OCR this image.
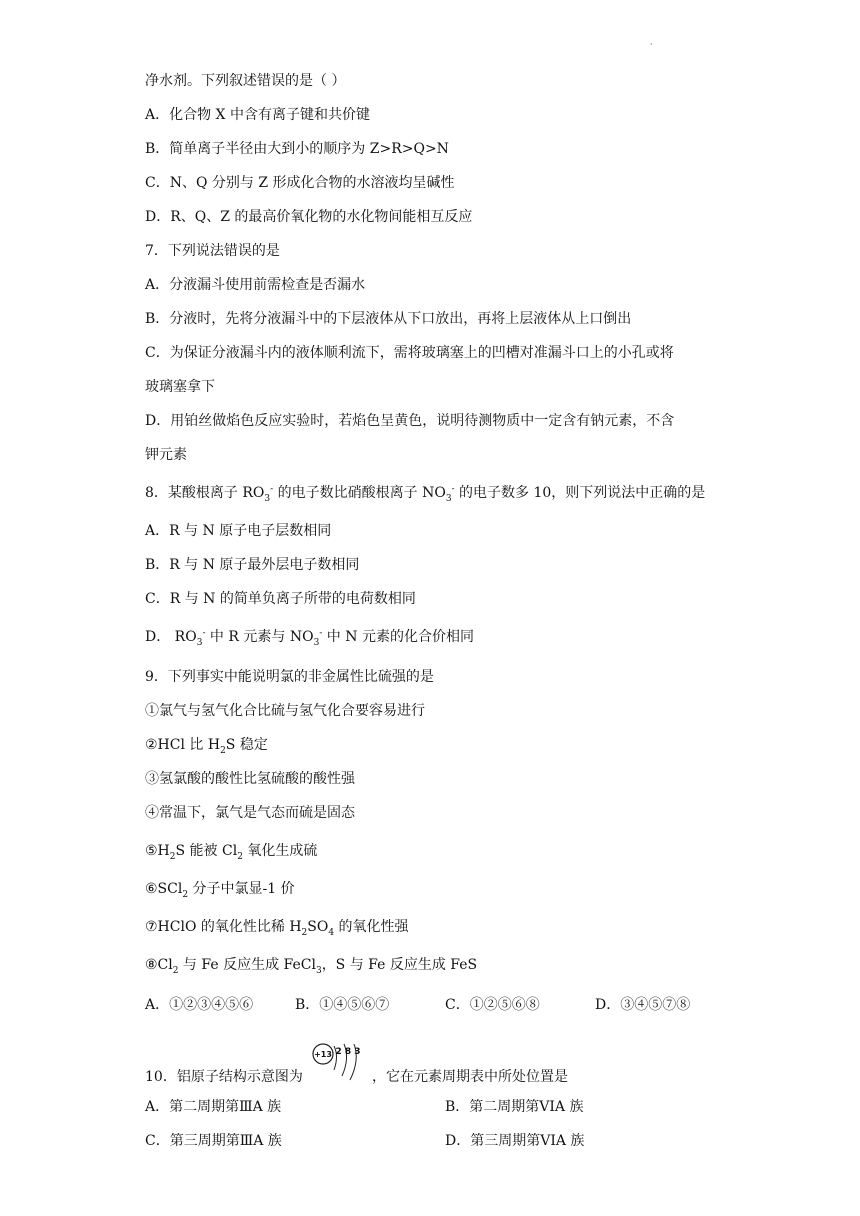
·
净水剂。下列叙述错误的是（ ）
A．化合物 X 中含有离子键和共价键
B．简单离子半径由大到小的顺序为 Z>R>Q>N
C．N、Q 分别与 Z 形成化合物的水溶液均呈碱性
D．R、Q、Z 的最高价氧化物的水化物间能相互反应
7．下列说法错误的是
A．分液漏斗使用前需检查是否漏水
B．分液时，先将分液漏斗中的下层液体从下口放出，再将上层液体从上口倒出
C．为保证分液漏斗内的液体顺利流下，需将玻璃塞上的凹槽对准漏斗口上的小孔或将
玻璃塞拿下
D．用铂丝做焰色反应实验时，若焰色呈黄色，说明待测物质中一定含有钠元素，不含
钾元素
8．某酸根离子 $RO_3^-$ 的电子数比硝酸根离子 $NO_3^-$ 的电子数多 10，则下列说法中正确的是
A．R 与 N 原子电子层数相同
B．R 与 N 原子最外层电子数相同
C．R 与 N 的简单负离子所带的电荷数相同
D． $RO_3^-$ 中 R 元素与 $NO_3^-$ 中 N 元素的化合价相同
9．下列事实中能说明氯的非金属性比硫强的是
①氯气与氢气化合比硫与氢气化合要容易进行
②HCl 比 $H_2S$ 稳定
③氢氯酸的酸性比氢硫酸的酸性强
④常温下，氯气是气态而硫是固态
$⑤H_2S$ 能被 $Cl_2$ 氧化生成硫
⑥SCl$_2$ 分子中氯显-1 价
⑦HClO 的氧化性比稀 $H_2SO_4$ 的氧化性强
$⑧Cl_2$ 与 Fe 反应生成 FeCl$_3$，S 与 Fe 反应生成 FeS
A．①②③④⑤⑥	B．①④⑤⑥⑦	C．①②⑤⑥⑧	D．③④⑤⑦⑧
10．铝原子结构示意图为
+13 2 8 3
，它在元素周期表中所处位置是
A．第二周期第ⅢA 族	B．第二周期第VIA 族
C．第三周期第ⅢA 族	D．第三周期第VIA 族
